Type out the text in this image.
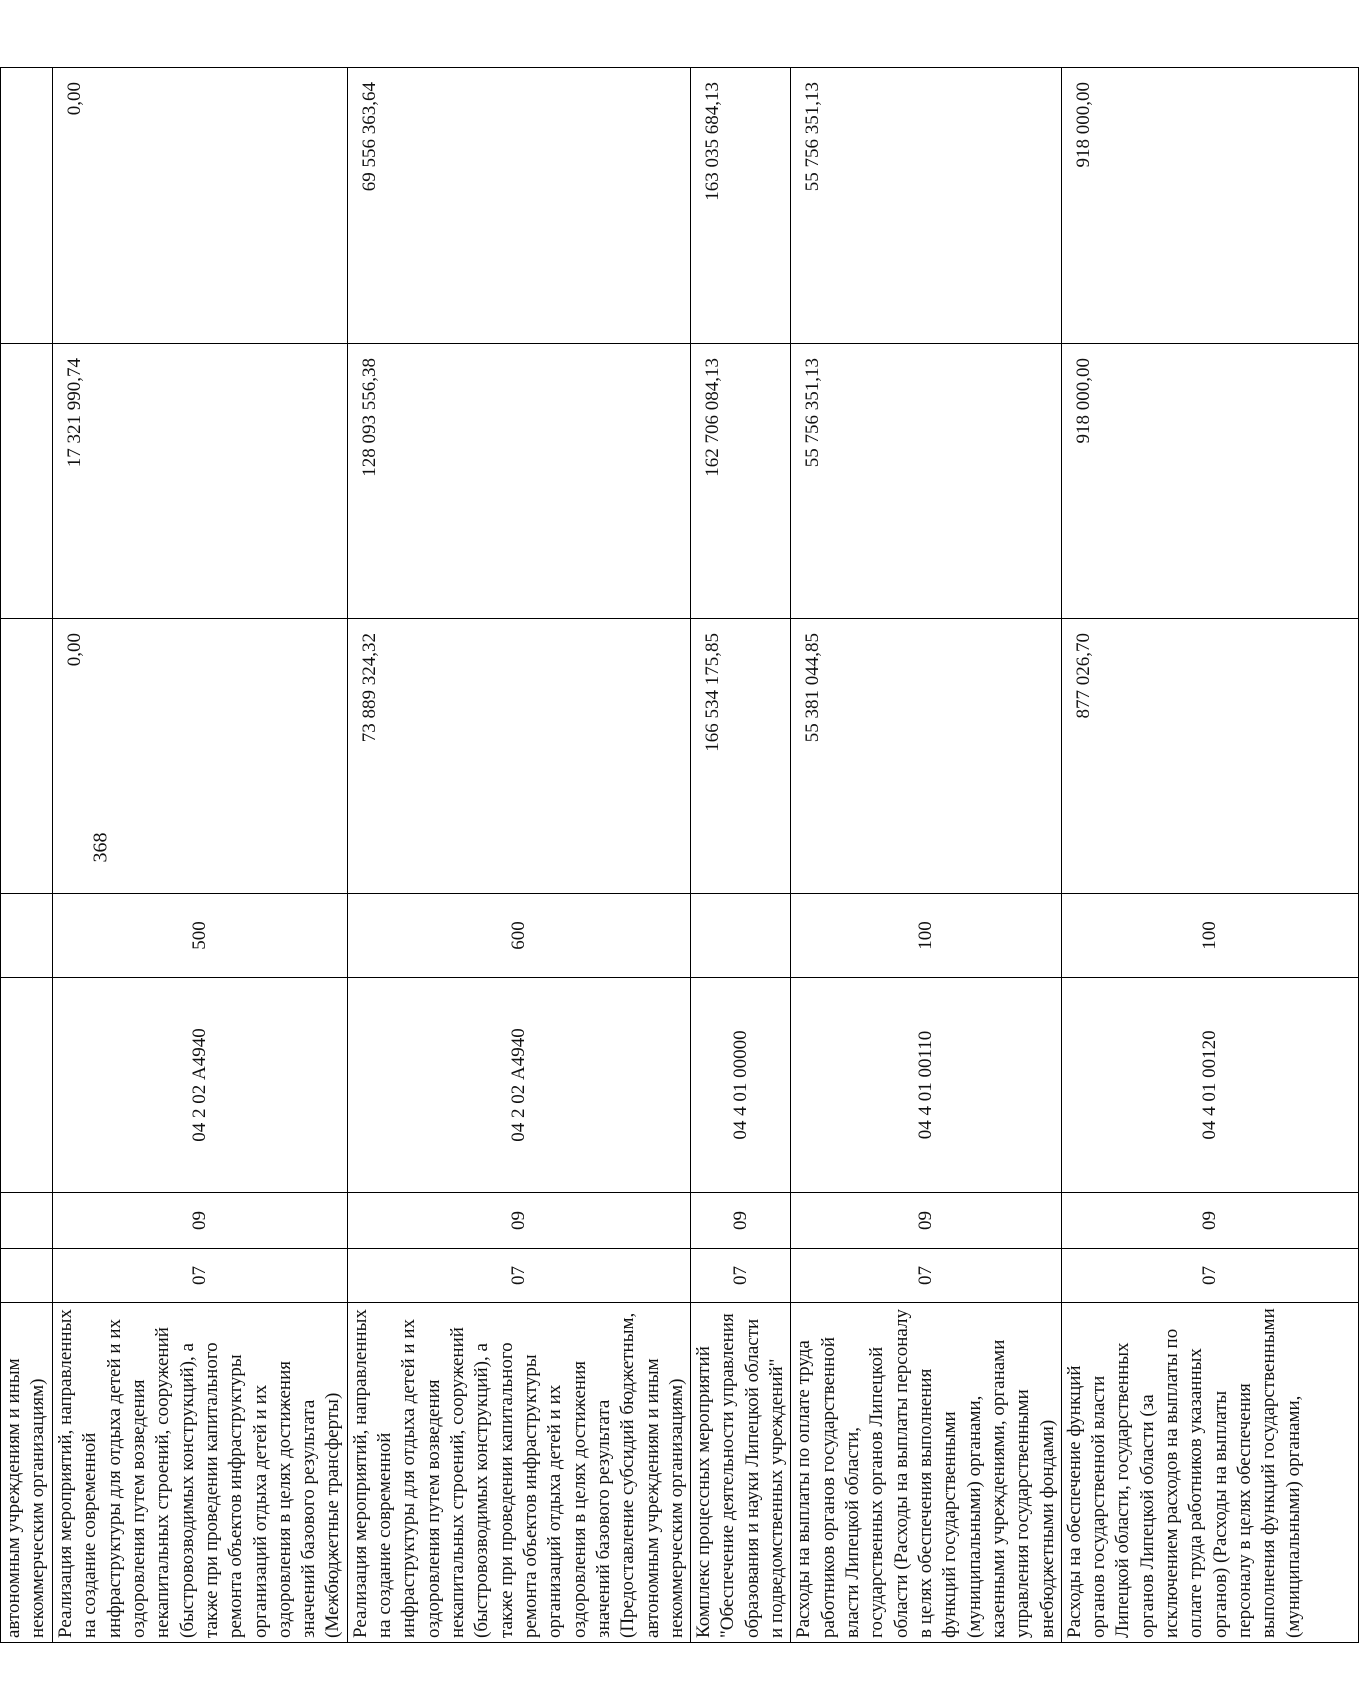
368
автономным учреждениям и иным некоммерческим организациям)							
Реализация мероприятий, направленных на создание современной инфраструктуры для отдыха детей и их оздоровления путем возведения некапитальных строений, сооружений (быстровозводимых конструкций), а также при проведении капитального ремонта объектов инфраструктуры организаций отдыха детей и их оздоровления в целях достижения значений базового результата (Межбюджетные трансферты)	07	09	04 2 02 А4940	500	0,00	17 321 990,74	0,00
Реализация мероприятий, направленных на создание современной инфраструктуры для отдыха детей и их оздоровления путем возведения некапитальных строений, сооружений (быстровозводимых конструкций), а также при проведении капитального ремонта объектов инфраструктуры организаций отдыха детей и их оздоровления в целях достижения значений базового результата (Предоставление субсидий бюджетным, автономным учреждениям и иным некоммерческим организациям)	07	09	04 2 02 А4940	600	73 889 324,32	128 093 556,38	69 556 363,64
Комплекс процессных мероприятий "Обеспечение деятельности управления образования и науки Липецкой области и подведомственных учреждений"	07	09	04 4 01 00000		166 534 175,85	162 706 084,13	163 035 684,13
Расходы на выплаты по оплате труда работников органов государственной власти Липецкой области, государственных органов Липецкой области (Расходы на выплаты персоналу в целях обеспечения выполнения функций государственными (муниципальными) органами, казенными учреждениями, органами управления государственными внебюджетными фондами)	07	09	04 4 01 00110	100	55 381 044,85	55 756 351,13	55 756 351,13
Расходы на обеспечение функций органов государственной власти Липецкой области, государственных органов Липецкой области (за исключением расходов на выплаты по оплате труда работников указанных органов) (Расходы на выплаты персоналу в целях обеспечения выполнения функций государственными (муниципальными) органами,	07	09	04 4 01 00120	100	877 026,70	918 000,00	918 000,00
